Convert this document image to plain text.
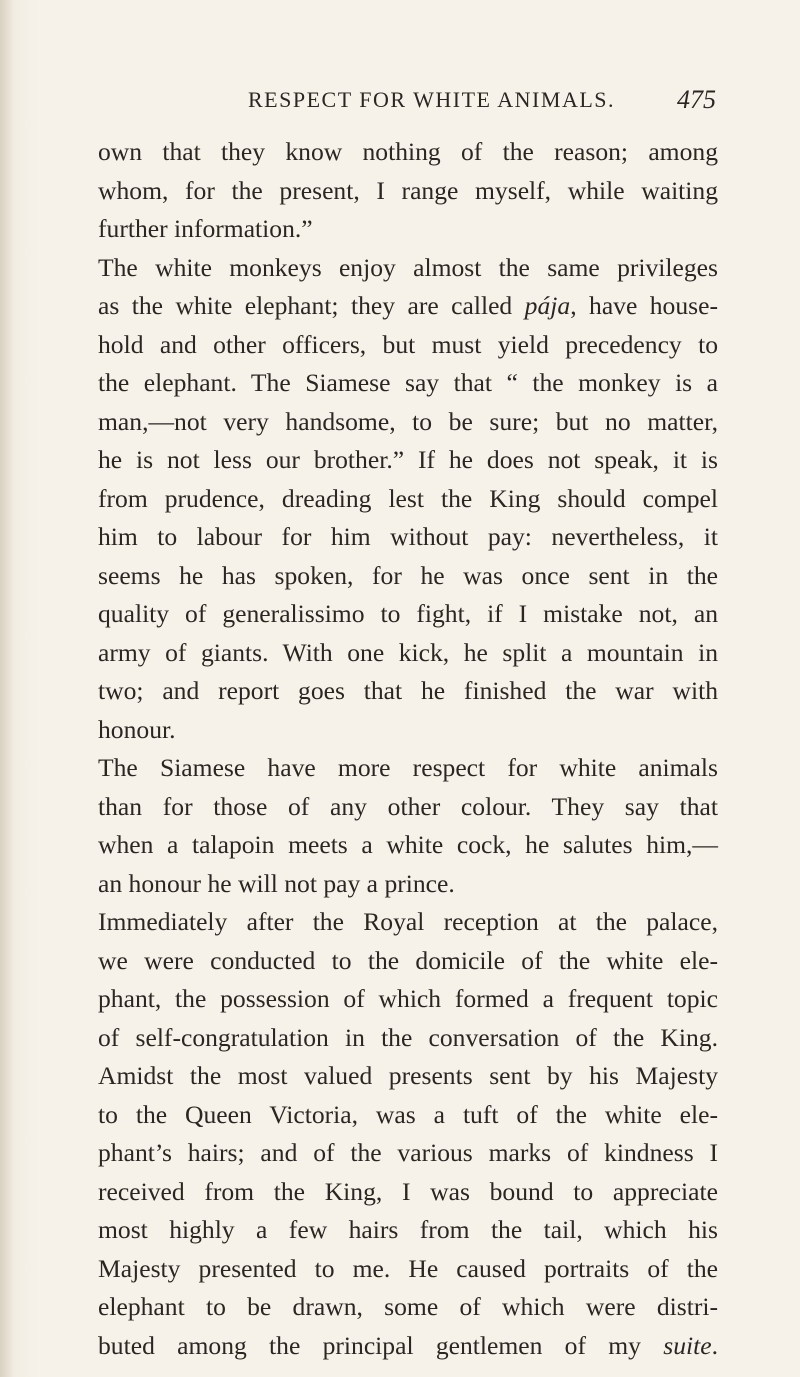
RESPECT FOR WHITE ANIMALS. 475
own that they know nothing of the reason; among
whom, for the present, I range myself, while waiting
further information.”
The white monkeys enjoy almost the same privileges
as the white elephant; they are called pája, have house-
hold and other officers, but must yield precedency to
the elephant. The Siamese say that “ the monkey is a
man,—not very handsome, to be sure; but no matter,
he is not less our brother.” If he does not speak, it is
from prudence, dreading lest the King should compel
him to labour for him without pay: nevertheless, it
seems he has spoken, for he was once sent in the
quality of generalissimo to fight, if I mistake not, an
army of giants. With one kick, he split a mountain in
two; and report goes that he finished the war with
honour.
The Siamese have more respect for white animals
than for those of any other colour. They say that
when a talapoin meets a white cock, he salutes him,—
an honour he will not pay a prince.
Immediately after the Royal reception at the palace,
we were conducted to the domicile of the white ele-
phant, the possession of which formed a frequent topic
of self-congratulation in the conversation of the King.
Amidst the most valued presents sent by his Majesty
to the Queen Victoria, was a tuft of the white ele-
phant’s hairs; and of the various marks of kindness I
received from the King, I was bound to appreciate
most highly a few hairs from the tail, which his
Majesty presented to me. He caused portraits of the
elephant to be drawn, some of which were distri-
buted among the principal gentlemen of my suite.
